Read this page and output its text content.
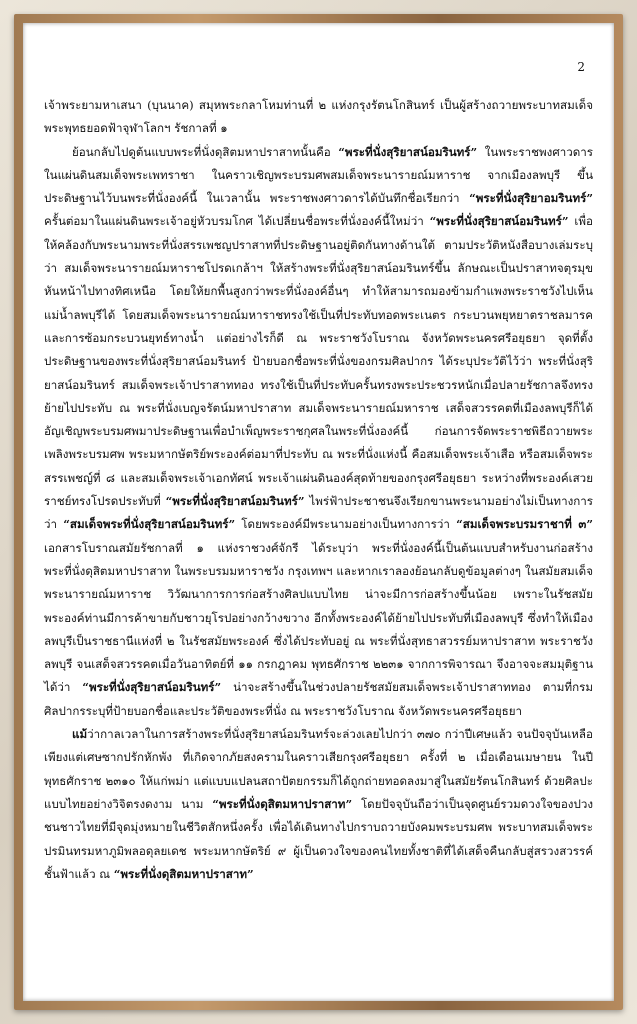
2

เจ้าพระยามหาเสนา (บุนนาค) สมุหพระกลาโหมท่านที่ ๒ แห่งกรุงรัตนโกสินทร์ เป็นผู้สร้างถวายพระบาทสมเด็จพระพุทธยอดฟ้าจุฬาโลกฯ รัชกาลที่ ๑

ย้อนกลับไปดูต้นแบบพระที่นั่งดุสิตมหาปราสาทนั้นคือ “พระที่นั่งสุริยาสน์อมรินทร์” ในพระราชพงศาวดารในแผ่นดินสมเด็จพระเพทราชา ในคราวเชิญพระบรมศพสมเด็จพระนารายณ์มหาราช จากเมืองลพบุรี ขึ้นประดิษฐานไว้บนพระที่นั่งองค์นี้ ในเวลานั้น พระราชพงศาวดารได้บันทึกชื่อเรียกว่า “พระที่นั่งสุริยาอมรินทร์” ครั้นต่อมาในแผ่นดินพระเจ้าอยู่หัวบรมโกศ ได้เปลี่ยนชื่อพระที่นั่งองค์นี้ใหม่ว่า “พระที่นั่งสุริยาสน์อมรินทร์” เพื่อให้คล้องกับพระนามพระที่นั่งสรรเพชญปราสาทที่ประดิษฐานอยู่ติดกันทางด้านใต้ ตามประวัติหนังสือบางเล่มระบุว่า สมเด็จพระนารายณ์มหาราชโปรดเกล้าฯ ให้สร้างพระที่นั่งสุริยาสน์อมรินทร์ขึ้น ลักษณะเป็นปราสาทจตุรมุขหันหน้าไปทางทิศเหนือ โดยให้ยกพื้นสูงกว่าพระที่นั่งองค์อื่นๆ ทำให้สามารถมองข้ามกำแพงพระราชวังไปเห็นแม่น้ำลพบุรีได้ โดยสมเด็จพระนารายณ์มหาราชทรงใช้เป็นที่ประทับทอดพระเนตร กระบวนพยุหยาตราชลมารค และการซ้อมกระบวนยุทธ์ทางน้ำ แต่อย่างไรก็ดี ณ พระราชวังโบราณ จังหวัดพระนครศรีอยุธยา จุดที่ตั้งประดิษฐานของพระที่นั่งสุริยาสน์อมรินทร์ ป้ายบอกชื่อพระที่นั่งของกรมศิลปากร ได้ระบุประวัติไว้ว่า พระที่นั่งสุริยาสน์อมรินทร์ สมเด็จพระเจ้าปราสาททอง ทรงใช้เป็นที่ประทับครั้นทรงพระประชวรหนักเมื่อปลายรัชกาลจึงทรงย้ายไปประทับ ณ พระที่นั่งเบญจรัตน์มหาปราสาท สมเด็จพระนารายณ์มหาราช เสด็จสวรรคตที่เมืองลพบุรีก็ได้อัญเชิญพระบรมศพมาประดิษฐานเพื่อบำเพ็ญพระราชกุศลในพระที่นั่งองค์นี้ ก่อนการจัดพระราชพิธีถวายพระเพลิงพระบรมศพ พระมหากษัตริย์พระองค์ต่อมาที่ประทับ ณ พระที่นั่งแห่งนี้ คือสมเด็จพระเจ้าเสือ หรือสมเด็จพระสรรเพชญ์ที่ ๘ และสมเด็จพระเจ้าเอกทัศน์ พระเจ้าแผ่นดินองค์สุดท้ายของกรุงศรีอยุธยา ระหว่างที่พระองค์เสวยราชย์ทรงโปรดประทับที่ “พระที่นั่งสุริยาสน์อมรินทร์” ไพร่ฟ้าประชาชนจึงเรียกขานพระนามอย่างไม่เป็นทางการว่า “สมเด็จพระที่นั่งสุริยาสน์อมรินทร์” โดยพระองค์มีพระนามอย่างเป็นทางการว่า “สมเด็จพระบรมราชาที่ ๓” เอกสารโบราณสมัยรัชกาลที่ ๑ แห่งราชวงศ์จักรี ได้ระบุว่า พระที่นั่งองค์นี้เป็นต้นแบบสำหรับงานก่อสร้างพระที่นั่งดุสิตมหาปราสาท ในพระบรมมหาราชวัง กรุงเทพฯ และหากเราลองย้อนกลับดูข้อมูลต่างๆ ในสมัยสมเด็จพระนารายณ์มหาราช วิวัฒนาการการก่อสร้างศิลปแบบไทย น่าจะมีการก่อสร้างขึ้นน้อย เพราะในรัชสมัยพระองค์ท่านมีการค้าขายกับชาวยุโรปอย่างกว้างขวาง อีกทั้งพระองค์ได้ย้ายไปประทับที่เมืองลพบุรี ซึ่งทำให้เมืองลพบุรีเป็นราชธานีแห่งที่ ๒ ในรัชสมัยพระองค์ ซึ่งได้ประทับอยู่ ณ พระที่นั่งสุทธาสวรรย์มหาปราสาท พระราชวังลพบุรี จนเสด็จสวรรคตเมื่อวันอาทิตย์ที่ ๑๑ กรกฎาคม พุทธศักราช ๒๒๓๑ จากการพิจารณา จึงอาจจะสมมุติฐานได้ว่า “พระที่นั่งสุริยาสน์อมรินทร์” น่าจะสร้างขึ้นในช่วงปลายรัชสมัยสมเด็จพระเจ้าปราสาททอง ตามที่กรมศิลปากรระบุที่ป้ายบอกชื่อและประวัติของพระที่นั่ง ณ พระราชวังโบราณ จังหวัดพระนครศรีอยุธยา

แม้ว่ากาลเวลาในการสร้างพระที่นั่งสุริยาสน์อมรินทร์จะล่วงเลยไปกว่า ๓๗๐ กว่าปีเศษแล้ว จนปัจจุบันเหลือเพียงแต่เศษซากปรักหักพัง ที่เกิดจากภัยสงครามในคราวเสียกรุงศรีอยุธยา ครั้งที่ ๒ เมื่อเดือนเมษายน ในปีพุทธศักราช ๒๓๑๐ ให้แก่พม่า แต่แบบแปลนสถาปัตยกรรมก็ได้ถูกถ่ายทอดลงมาสู่ในสมัยรัตนโกสินทร์ ด้วยศิลปะแบบไทยอย่างวิจิตรงดงาม นาม “พระที่นั่งดุสิตมหาปราสาท” โดยปัจจุบันถือว่าเป็นจุดศูนย์รวมดวงใจของปวงชนชาวไทยที่มีจุดมุ่งหมายในชีวิตสักหนึ่งครั้ง เพื่อได้เดินทางไปกราบถวายบังคมพระบรมศพ พระบาทสมเด็จพระปรมินทรมหาภูมิพลอดุลยเดช พระมหากษัตริย์ ๙ ผู้เป็นดวงใจของคนไทยทั้งชาติที่ได้เสด็จคืนกลับสู่สรวงสวรรค์ชั้นฟ้าแล้ว ณ “พระที่นั่งดุสิตมหาปราสาท”
